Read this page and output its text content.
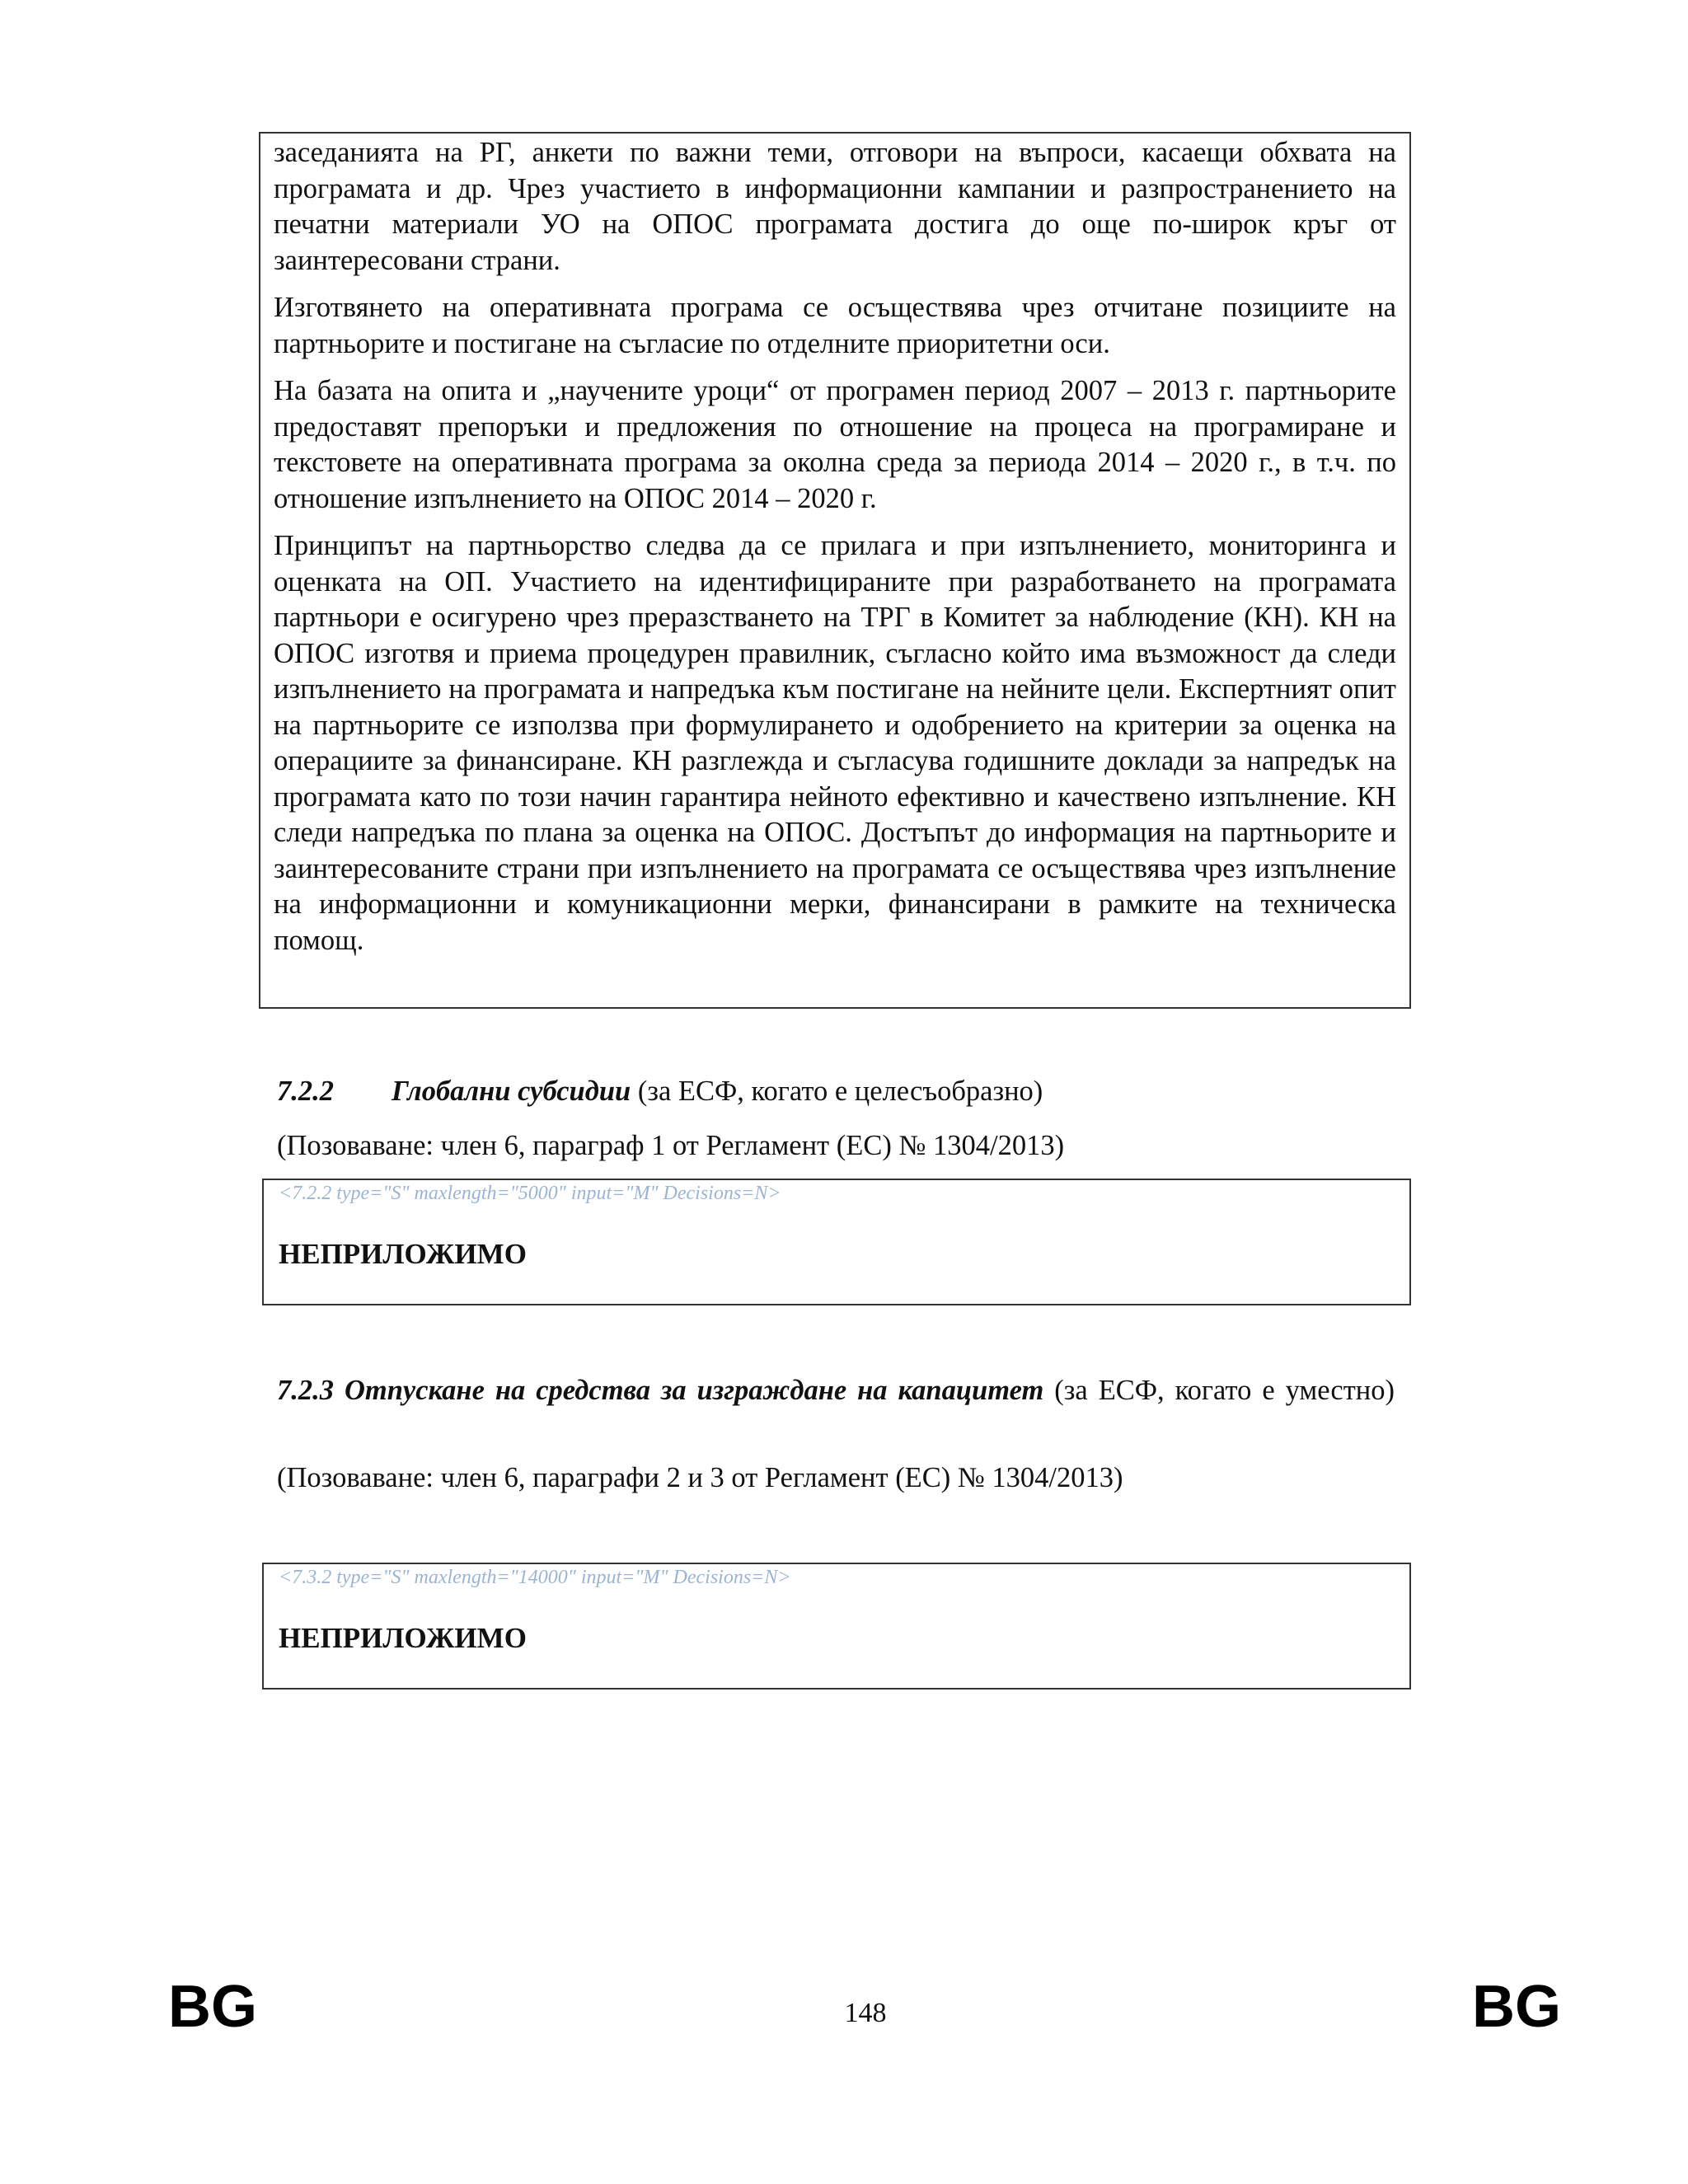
заседанията на РГ, анкети по важни теми, отговори на въпроси, касаещи обхвата на програмата и др. Чрез участието в информационни кампании и разпространението на печатни материали УО на ОПОС програмата достига до още по-широк кръг от заинтересовани страни.

Изготвянето на оперативната програма се осъществява чрез отчитане позициите на партньорите и постигане на съгласие по отделните приоритетни оси.

На базата на опита и „научените уроци“ от програмен период 2007 – 2013 г. партньорите предоставят препоръки и предложения по отношение на процеса на програмиране и текстовете на оперативната програма за околна среда за периода 2014 – 2020 г., в т.ч. по отношение изпълнението на ОПОС 2014 – 2020 г.

Принципът на партньорство следва да се прилага и при изпълнението, мониторинга и оценката на ОП. Участието на идентифицираните при разработването на програмата партньори е осигурено чрез преразстването на ТРГ в Комитет за наблюдение (КН). КН на ОПОС изготвя и приема процедурен правилник, съгласно който има възможност да следи изпълнението на програмата и напредъка към постигане на нейните цели. Експертният опит на партньорите се използва при формулирането и одобрението на критерии за оценка на операциите за финансиране. КН разглежда и съгласува годишните доклади за напредък на програмата като по този начин гарантира нейното ефективно и качествено изпълнение. КН следи напредъка по плана за оценка на ОПОС. Достъпът до информация на партньорите и заинтересованите страни при изпълнението на програмата се осъществява чрез изпълнение на информационни и комуникационни мерки, финансирани в рамките на техническа помощ.

7.2.2 Глобални субсидии (за ЕСФ, когато е целесъобразно)
(Позоваване: член 6, параграф 1 от Регламент (ЕС) № 1304/2013)
<7.2.2 type="S" maxlength="5000" input="M" Decisions=N>
НЕПРИЛОЖИМО
7.2.3 Отпускане на средства за изграждане на капацитет (за ЕСФ, когато е уместно)
(Позоваване: член 6, параграфи 2 и 3 от Регламент (ЕС) № 1304/2013)
<7.3.2 type="S" maxlength="14000" input="M" Decisions=N>
НЕПРИЛОЖИМО
BG	148	BG
